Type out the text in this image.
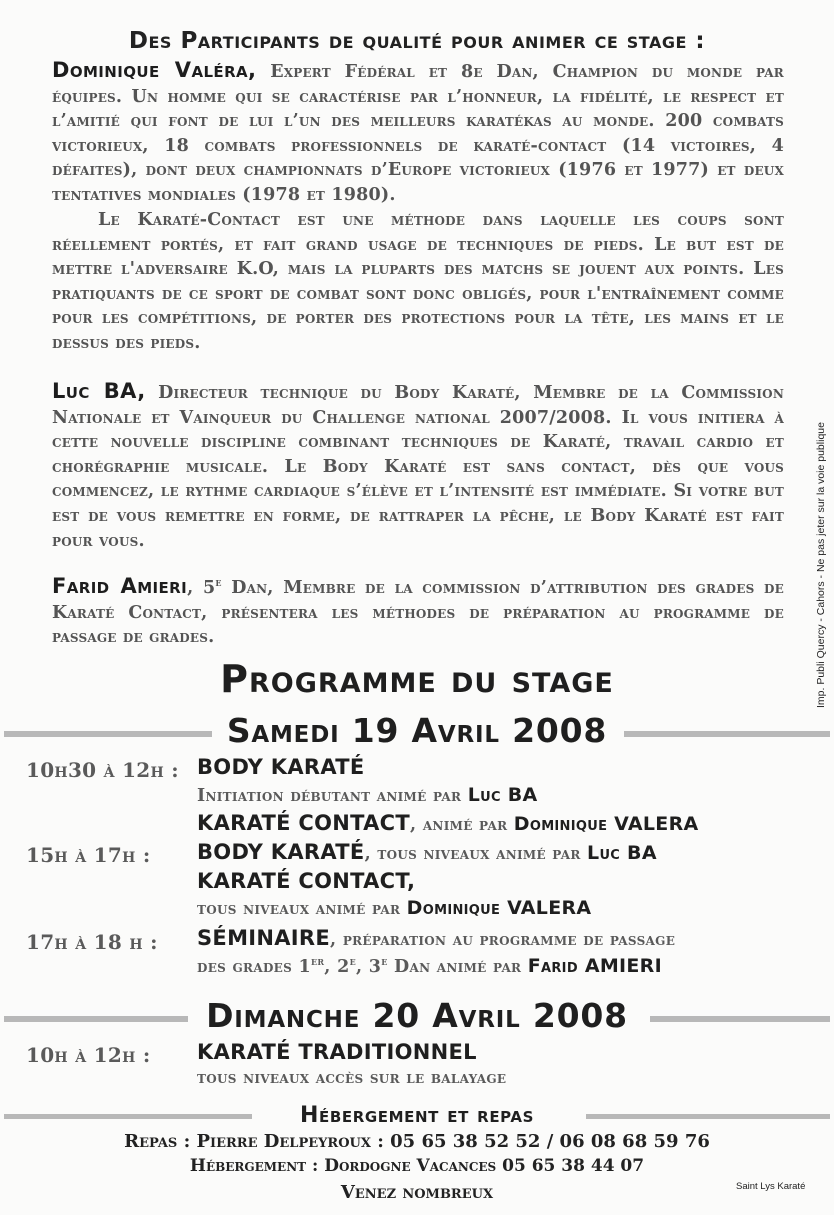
Des Participants de qualité pour animer ce stage :
Dominique Valéra, Expert Fédéral et 8e Dan, Champion du monde par équipes. Un homme qui se caractérise par l’honneur, la fidélité, le respect et l’amitié qui font de lui l’un des meilleurs karatékas au monde. 200 combats victorieux, 18 combats professionnels de karaté-contact (14 victoires, 4 défaites), dont deux championnats d’Europe victorieux (1976 et 1977) et deux tentatives mondiales (1978 et 1980).
Le Karaté-Contact est une méthode dans laquelle les coups sont réellement portés, et fait grand usage de techniques de pieds. Le but est de mettre l'adversaire K.O, mais la pluparts des matchs se jouent aux points. Les pratiquants de ce sport de combat sont donc obligés, pour l'entraînement comme pour les compétitions, de porter des protections pour la tête, les mains et le dessus des pieds.
Luc BA, Directeur technique du Body Karaté, Membre de la Commission Nationale et Vainqueur du Challenge national 2007/2008. Il vous initiera à cette nouvelle discipline combinant techniques de Karaté, travail cardio et chorégraphie musicale. Le Body Karaté est sans contact, dès que vous commencez, le rythme cardiaque s’élève et l’intensité est immédiate. Si votre but est de vous remettre en forme, de rattraper la pêche, le Body Karaté est fait pour vous.
Farid Amieri, 5e Dan, Membre de la commission d’attribution des grades de Karaté Contact, présentera les méthodes de préparation au programme de passage de grades.
Programme du stage
Samedi 19 Avril 2008
10h30 à 12h : BODY KARATÉ
Initiation débutant animé par Luc BA
KARATÉ CONTACT, animé par Dominique VALERA
15h à 17h : BODY KARATÉ, tous niveaux animé par Luc BA
KARATÉ CONTACT,
tous niveaux animé par Dominique VALERA
17h à 18 h : SÉMINAIRE, préparation au programme de passage
des grades 1er, 2e, 3e Dan animé par Farid AMIERI
Dimanche 20 Avril 2008
10h à 12h : KARATÉ TRADITIONNEL
tous niveaux accès sur le balayage
Hébergement et repas
Repas : Pierre Delpeyroux : 05 65 38 52 52 / 06 08 68 59 76
Hébergement : Dordogne Vacances 05 65 38 44 07
Venez nombreux
Imp. Publi Quercy - Cahors - Ne pas jeter sur la voie publique
Saint Lys Karaté
